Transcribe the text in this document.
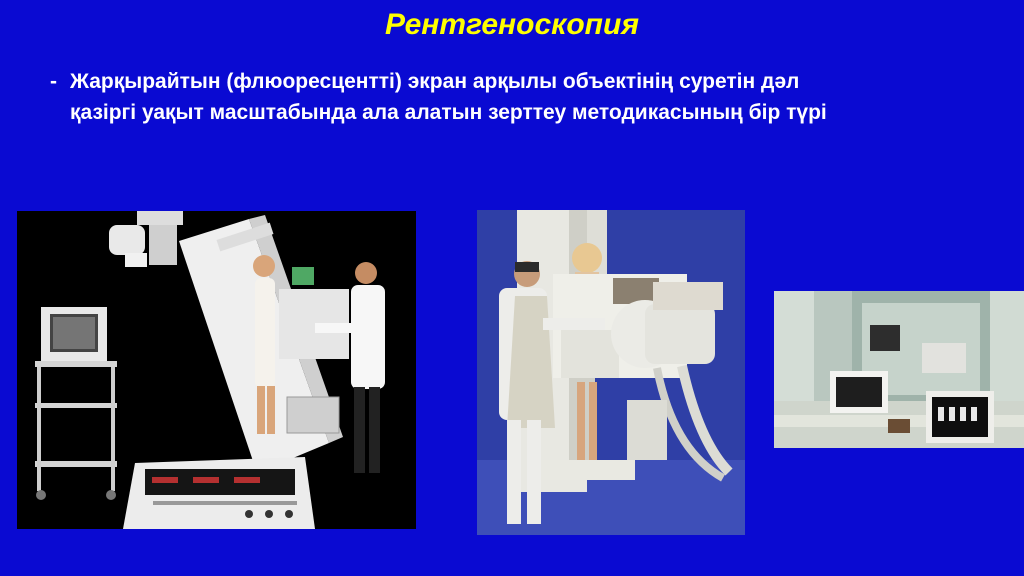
Рентгеноскопия
- Жарқырайтын (флюоресцентті) экран арқылы объектінің суретін дәл
қазіргі уақыт масштабында ала алатын зерттеу методикасының бір түрі
